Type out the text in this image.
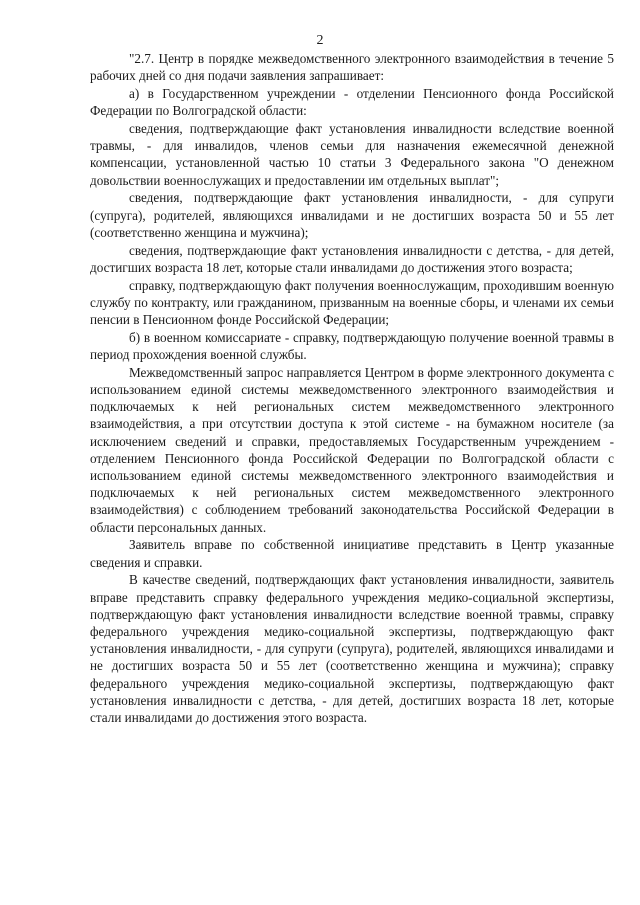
2

"2.7. Центр в порядке межведомственного электронного взаимодействия в течение 5 рабочих дней со дня подачи заявления запрашивает:

а) в Государственном учреждении - отделении Пенсионного фонда Российской Федерации по Волгоградской области:

сведения, подтверждающие факт установления инвалидности вследствие военной травмы, - для инвалидов, членов семьи для назначения ежемесячной денежной компенсации, установленной частью 10 статьи 3 Федерального закона "О денежном довольствии военнослужащих и предоставлении им отдельных выплат";

сведения, подтверждающие факт установления инвалидности, - для супруги (супруга), родителей, являющихся инвалидами и не достигших возраста 50 и 55 лет (соответственно женщина и мужчина);

сведения, подтверждающие факт установления инвалидности с детства, - для детей, достигших возраста 18 лет, которые стали инвалидами до достижения этого возраста;

справку, подтверждающую факт получения военнослужащим, проходившим военную службу по контракту, или гражданином, призванным на военные сборы, и членами их семьи пенсии в Пенсионном фонде Российской Федерации;

б) в военном комиссариате - справку, подтверждающую получение военной травмы в период прохождения военной службы.

Межведомственный запрос направляется Центром в форме электронного документа с использованием единой системы межведомственного электронного взаимодействия и подключаемых к ней региональных систем межведомственного электронного взаимодействия, а при отсутствии доступа к этой системе - на бумажном носителе (за исключением сведений и справки, предоставляемых Государственным учреждением - отделением Пенсионного фонда Российской Федерации по Волгоградской области с использованием единой системы межведомственного электронного взаимодействия и подключаемых к ней региональных систем межведомственного электронного взаимодействия) с соблюдением требований законодательства Российской Федерации в области персональных данных.

Заявитель вправе по собственной инициативе представить в Центр указанные сведения и справки.

В качестве сведений, подтверждающих факт установления инвалидности, заявитель вправе представить справку федерального учреждения медико-социальной экспертизы, подтверждающую факт установления инвалидности вследствие военной травмы, справку федерального учреждения медико-социальной экспертизы, подтверждающую факт установления инвалидности, - для супруги (супруга), родителей, являющихся инвалидами и не достигших возраста 50 и 55 лет (соответственно женщина и мужчина); справку федерального учреждения медико-социальной экспертизы, подтверждающую факт установления инвалидности с детства, - для детей, достигших возраста 18 лет, которые стали инвалидами до достижения этого возраста.
